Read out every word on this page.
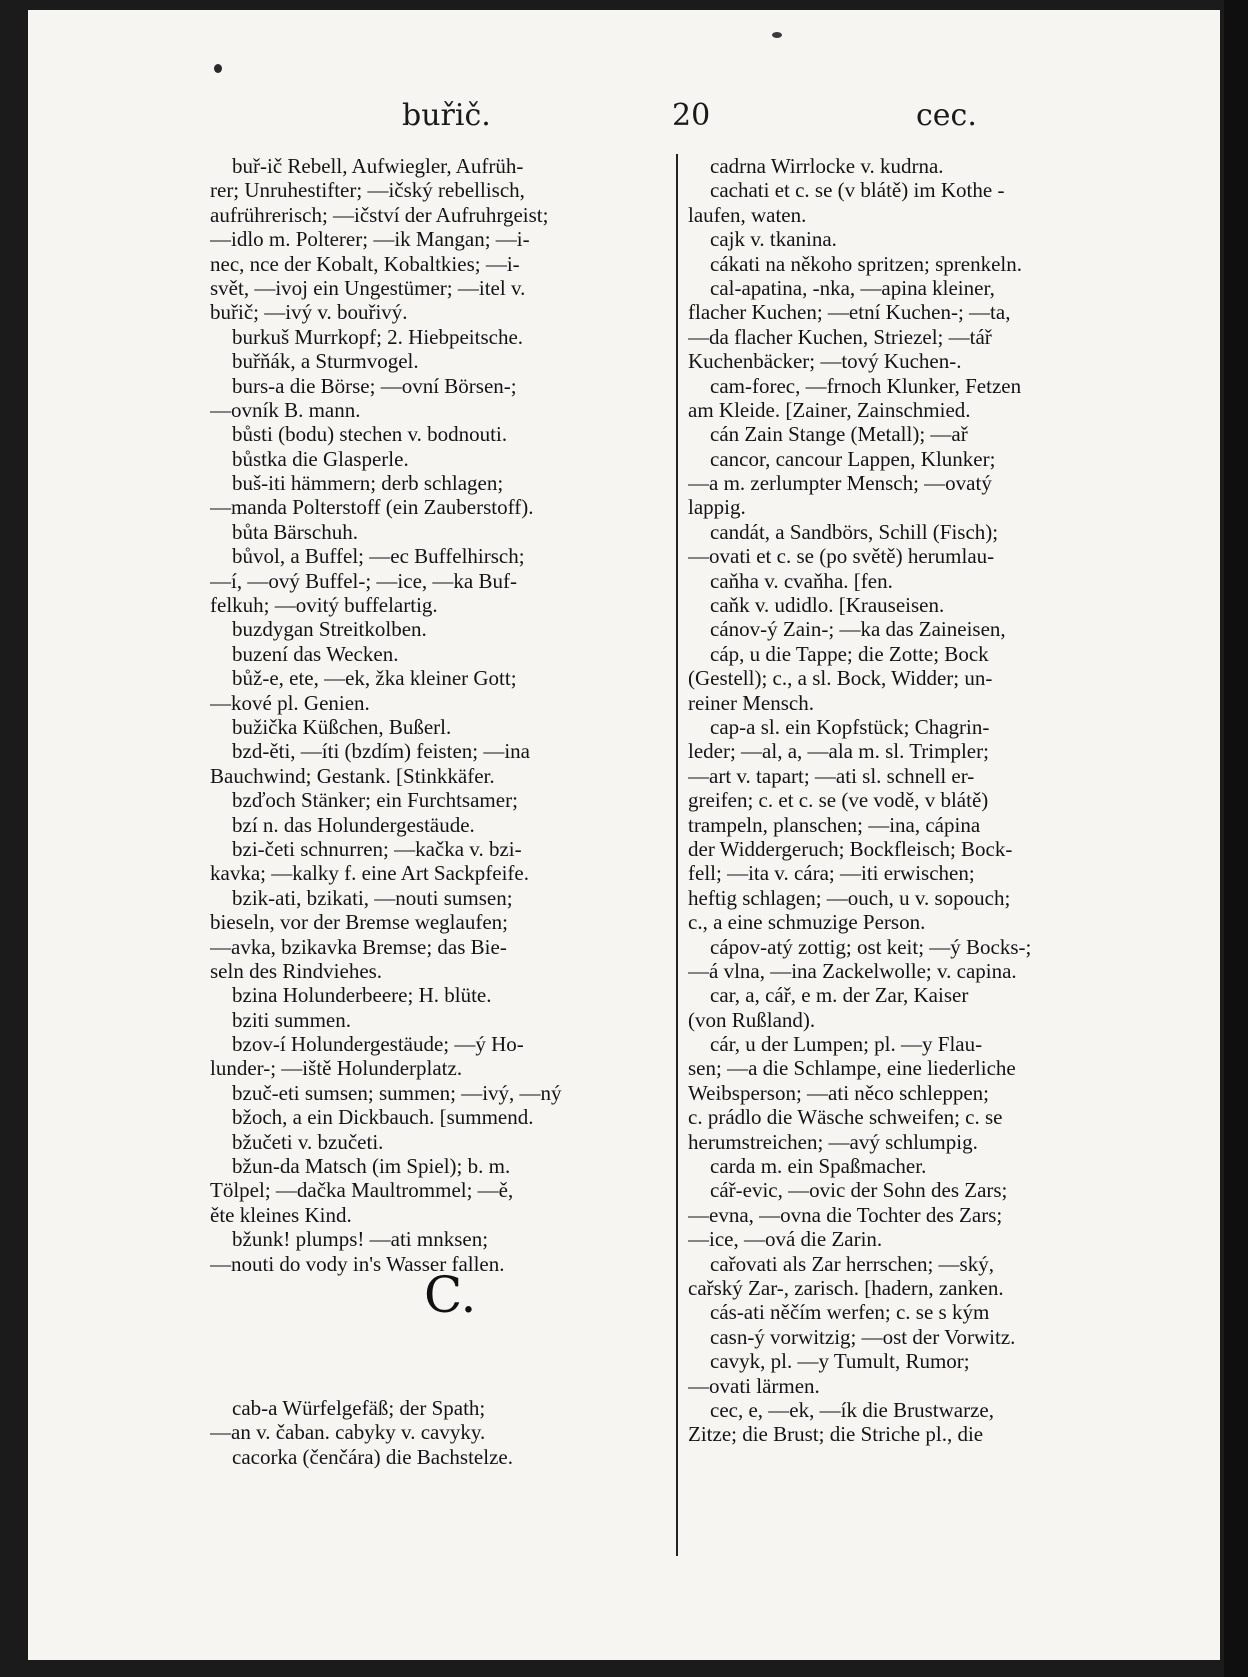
buřič.	20	cec.
buř-ič Rebell, Aufwiegler, Aufrüh-
rer; Unruhestifter; —ičský rebellisch,
aufrührerisch; —ičství der Aufruhrgeist;
—idlo m. Polterer; —ik Mangan; —i-
nec, nce der Kobalt, Kobaltkies; —i-
svět, —ivoj ein Ungestümer; —itel v.
buřič; —ivý v. bouřivý.
burkuš Murrkopf; 2. Hiebpeitsche.
buřňák, a Sturmvogel.
burs-a die Börse; —ovní Börsen-;
—ovník B. mann.
bůsti (bodu) stechen v. bodnouti.
bůstka die Glasperle.
buš-iti hämmern; derb schlagen;
—manda Polterstoff (ein Zauberstoff).
bůta Bärschuh.
bůvol, a Buffel; —ec Buffelhirsch;
—í, —ový Buffel-; —ice, —ka Buf-
felkuh; —ovitý buffelartig.
buzdygan Streitkolben.
buzení das Wecken.
bůž-e, ete, —ek, žka kleiner Gott;
—kové pl. Genien.
bužička Küßchen, Bußerl.
bzd-ěti, —íti (bzdím) feisten; —ina
Bauchwind; Gestank. [Stinkkäfer.
bzďoch Stänker; ein Furchtsamer;
bzí n. das Holundergestäude.
bzi-četi schnurren; —kačka v. bzi-
kavka; —kalky f. eine Art Sackpfeife.
bzik-ati, bzikati, —nouti sumsen;
bieseln, vor der Bremse weglaufen;
—avka, bzikavka Bremse; das Bie-
seln des Rindviehes.
bzina Holunderbeere; H. blüte.
bziti summen.
bzov-í Holundergestäude; —ý Ho-
lunder-; —iště Holunderplatz.
bzuč-eti sumsen; summen; —ivý, —ný
bžoch, a ein Dickbauch. [summend.
bžučeti v. bzučeti.
bžun-da Matsch (im Spiel); b. m.
Tölpel; —dačka Maultrommel; —ě,
ěte kleines Kind.
bžunk! plumps! —ati mnksen;
—nouti do vody in's Wasser fallen.
C.
cab-a Würfelgefäß; der Spath;
—an v. čaban. cabyky v. cavyky.
cacorka (čenčára) die Bachstelze.
cadrna Wirrlocke v. kudrna.
cachati et c. se (v blátě) im Kothe -
laufen, waten.
cajk v. tkanina.
cákati na někoho spritzen; sprenkeln.
cal-apatina, -nka, —apina kleiner,
flacher Kuchen; —etní Kuchen-; —ta,
—da flacher Kuchen, Striezel; —tář
Kuchenbäcker; —tový Kuchen-.
cam-forec, —frnoch Klunker, Fetzen
am Kleide. [Zainer, Zainschmied.
cán Zain Stange (Metall); —ař
cancor, cancour Lappen, Klunker;
—a m. zerlumpter Mensch; —ovatý
lappig.
candát, a Sandbörs, Schill (Fisch);
—ovati et c. se (po světě) herumlau-
caňha v. cvaňha. [fen.
caňk v. udidlo. [Krauseisen.
cánov-ý Zain-; —ka das Zaineisen,
cáp, u die Tappe; die Zotte; Bock
(Gestell); c., a sl. Bock, Widder; un-
reiner Mensch.
cap-a sl. ein Kopfstück; Chagrin-
leder; —al, a, —ala m. sl. Trimpler;
—art v. tapart; —ati sl. schnell er-
greifen; c. et c. se (ve vodě, v blátě)
trampeln, planschen; —ina, cápina
der Widdergeruch; Bockfleisch; Bock-
fell; —ita v. cára; —iti erwischen;
heftig schlagen; —ouch, u v. sopouch;
c., a eine schmuzige Person.
cápov-atý zottig; ost keit; —ý Bocks-;
—á vlna, —ina Zackelwolle; v. capina.
car, a, cář, e m. der Zar, Kaiser
(von Rußland).
cár, u der Lumpen; pl. —y Flau-
sen; —a die Schlampe, eine liederliche
Weibsperson; —ati něco schleppen;
c. prádlo die Wäsche schweifen; c. se
herumstreichen; —avý schlumpig.
carda m. ein Spaßmacher.
cář-evic, —ovic der Sohn des Zars;
—evna, —ovna die Tochter des Zars;
—ice, —ová die Zarin.
cařovati als Zar herrschen; —ský,
cařský Zar-, zarisch. [hadern, zanken.
cás-ati něčím werfen; c. se s kým
casn-ý vorwitzig; —ost der Vorwitz.
cavyk, pl. —y Tumult, Rumor;
—ovati lärmen.
cec, e, —ek, —ík die Brustwarze,
Zitze; die Brust; die Striche pl., die
